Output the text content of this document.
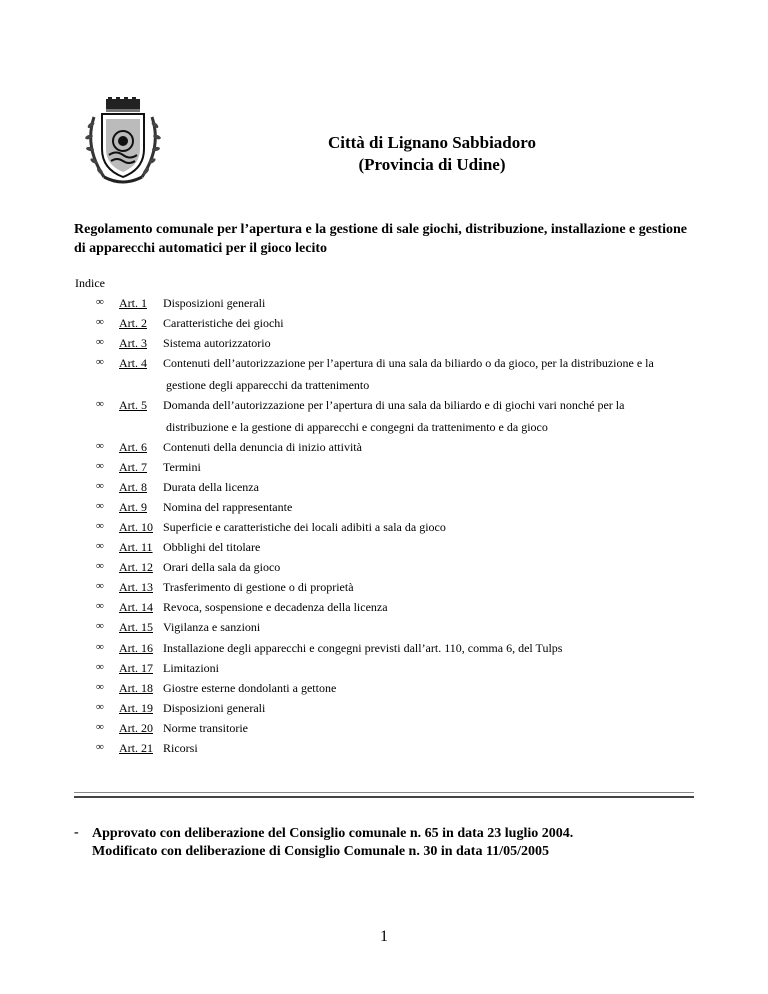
Città di Lignano Sabbiadoro
(Provincia di Udine)
Regolamento comunale per l’apertura e la gestione di sale giochi, distribuzione, installazione e gestione di apparecchi automatici per il gioco lecito
Indice
∞ Art. 1 Disposizioni generali
∞ Art. 2 Caratteristiche dei giochi
∞ Art. 3 Sistema autorizzatorio
∞ Art. 4 Contenuti dell’autorizzazione per l’apertura di una sala da biliardo o da gioco, per la distribuzione e la
gestione degli apparecchi da trattenimento
∞ Art. 5 Domanda dell’autorizzazione per l’apertura di una sala da biliardo e di giochi vari nonché per la
distribuzione e la gestione di apparecchi e congegni da trattenimento e da gioco
∞ Art. 6 Contenuti della denuncia di inizio attività
∞ Art. 7 Termini
∞ Art. 8 Durata della licenza
∞ Art. 9 Nomina del rappresentante
∞ Art. 10 Superficie e caratteristiche dei locali adibiti a sala da gioco
∞ Art. 11 Obblighi del titolare
∞ Art. 12 Orari della sala da gioco
∞ Art. 13 Trasferimento di gestione o di proprietà
∞ Art. 14 Revoca, sospensione e decadenza della licenza
∞ Art. 15 Vigilanza e sanzioni
∞ Art. 16 Installazione degli apparecchi e congegni previsti dall’art. 110, comma 6, del Tulps
∞ Art. 17 Limitazioni
∞ Art. 18 Giostre esterne dondolanti a gettone
∞ Art. 19 Disposizioni generali
∞ Art. 20 Norme transitorie
∞ Art. 21 Ricorsi
- Approvato con deliberazione del Consiglio comunale n. 65 in data 23 luglio 2004.
Modificato con deliberazione di Consiglio Comunale n. 30 in data 11/05/2005
1
